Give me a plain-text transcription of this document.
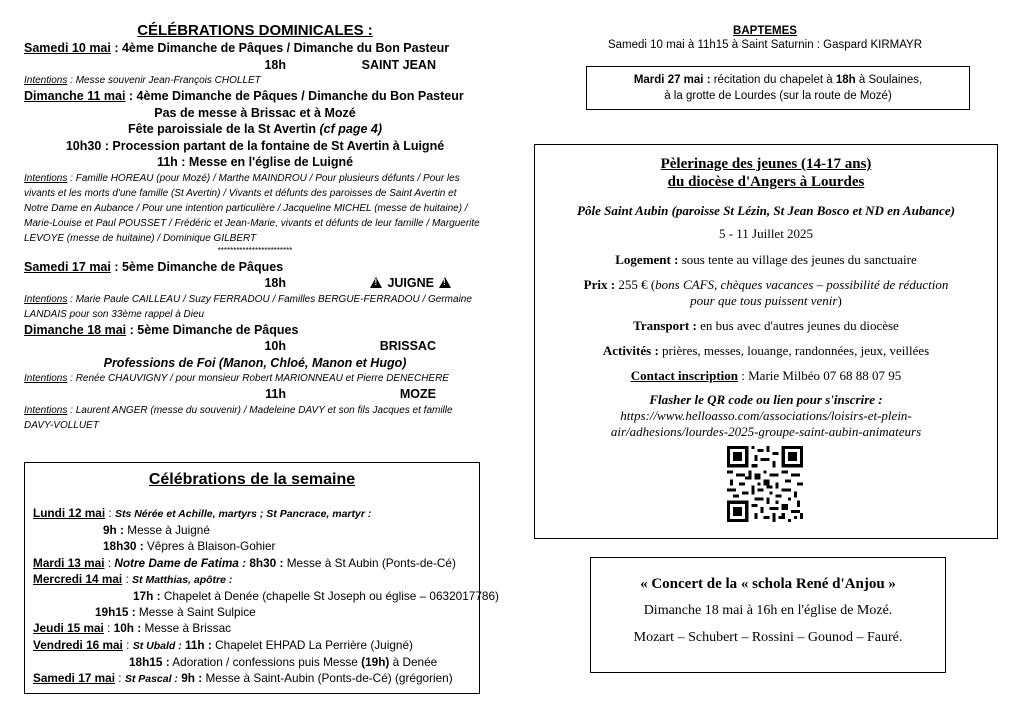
CÉLÉBRATIONS DOMINICALES :
Samedi 10 mai : 4ème Dimanche de Pâques / Dimanche du Bon Pasteur
18h	SAINT JEAN
Intentions : Messe souvenir Jean-François CHOLLET
Dimanche 11 mai : 4ème Dimanche de Pâques / Dimanche du Bon Pasteur
Pas de messe à Brissac et à Mozé
Fête paroissiale de la St Avertin (cf page 4)
10h30 : Procession partant de la fontaine de St Avertin à Luigné
11h : Messe en l'église de Luigné
Intentions : Famille HOREAU (pour Mozé) / Marthe MAINDROU / Pour plusieurs défunts / Pour les
vivants et les morts d'une famille (St Avertin) / Vivants et défunts des paroisses de Saint Avertin et
Notre Dame en Aubance / Pour une intention particulière / Jacqueline MICHEL (messe de huitaine) /
Marie-Louise et Paul POUSSET / Frédéric et Jean-Marie, vivants et défunts de leur famille / Marguerite
LEVOYE (messe de huitaine) / Dominique GILBERT
************************
Samedi 17 mai : 5ème Dimanche de Pâques
18h
!	JUIGNE!
Intentions : Marie Paule CAILLEAU / Suzy FERRADOU / Familles BERGUE-FERRADOU / Germaine
LANDAIS pour son 33ème rappel à Dieu
Dimanche 18 mai : 5ème Dimanche de Pâques
10h	BRISSAC
Professions de Foi (Manon, Chloé, Manon et Hugo)
Intentions : Renée CHAUVIGNY / pour monsieur Robert MARIONNEAU et Pierre DENECHERE
11h	MOZE
Intentions : Laurent ANGER (messe du souvenir) / Madeleine DAVY et son fils Jacques et famille
DAVY-VOLLUET
Célébrations de la semaine
Lundi 12 mai : Sts Nérée et Achille, martyrs ; St Pancrace, martyr :
9h : Messe à Juigné
18h30 : Vêpres à Blaison-Gohier
Mardi 13 mai : Notre Dame de Fatima : 8h30 : Messe à St Aubin (Ponts-de-Cé)
Mercredi 14 mai : St Matthias, apôtre :
17h : Chapelet à Denée (chapelle St Joseph ou église – 0632017786)
19h15 : Messe à Saint Sulpice
Jeudi 15 mai : 10h : Messe à Brissac
Vendredi 16 mai : St Ubald : 11h : Chapelet EHPAD La Perrière (Juigné)
18h15 : Adoration / confessions puis Messe (19h) à Denée
Samedi 17 mai : St Pascal : 9h : Messe à Saint-Aubin (Ponts-de-Cé) (grégorien)
BAPTEMES
Samedi 10 mai à 11h15 à Saint Saturnin : Gaspard KIRMAYR
Mardi 27 mai : récitation du chapelet à 18h à Soulaines,
à la grotte de Lourdes (sur la route de Mozé)
Pèlerinage des jeunes (14-17 ans)
du diocèse d'Angers à Lourdes
Pôle Saint Aubin (paroisse St Lézin, St Jean Bosco et ND en Aubance)
5 - 11 Juillet 2025
Logement : sous tente au village des jeunes du sanctuaire
Prix : 255 € (bons CAFS, chèques vacances – possibilité de réduction
pour que tous puissent venir)
Transport : en bus avec d'autres jeunes du diocèse
Activités : prières, messes, louange, randonnées, jeux, veillées
Contact inscription : Marie Milbéo 07 68 88 07 95
Flasher le QR code ou lien pour s'inscrire :
https://www.helloasso.com/associations/loisirs-et-plein-
air/adhesions/lourdes-2025-groupe-saint-aubin-animateurs
« Concert de la « schola René d'Anjou »
Dimanche 18 mai à 16h en l'église de Mozé.
Mozart – Schubert – Rossini – Gounod – Fauré.
